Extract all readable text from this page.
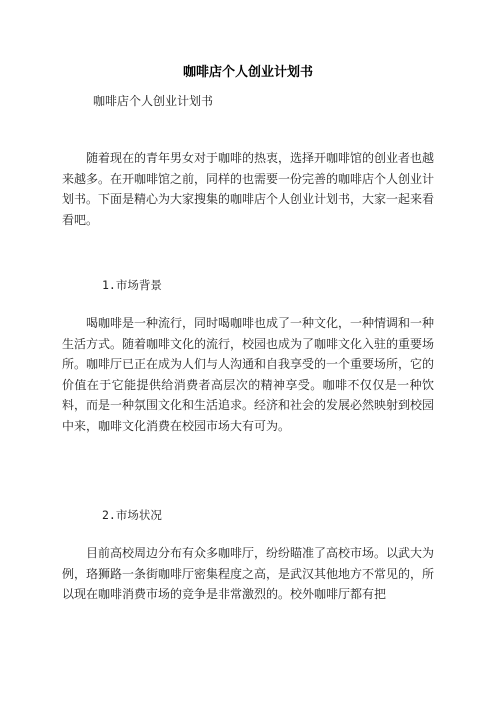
咖啡店个人创业计划书
咖啡店个人创业计划书

随着现在的青年男女对于咖啡的热衷，选择开咖啡馆的创业者也越来越多。在开咖啡馆之前，同样的也需要一份完善的咖啡店个人创业计划书。下面是精心为大家搜集的咖啡店个人创业计划书，大家一起来看看吧。

1.市场背景

喝咖啡是一种流行，同时喝咖啡也成了一种文化，一种情调和一种生活方式。随着咖啡文化的流行，校园也成为了咖啡文化入驻的重要场所。咖啡厅已正在成为人们与人沟通和自我享受的一个重要场所，它的价值在于它能提供给消费者高层次的精神享受。咖啡不仅仅是一种饮料，而是一种氛围文化和生活追求。经济和社会的发展必然映射到校园中来，咖啡文化消费在校园市场大有可为。

2.市场状况

目前高校周边分布有众多咖啡厅，纷纷瞄准了高校市场。以武大为例，珞狮路一条街咖啡厅密集程度之高，是武汉其他地方不常见的，所以现在咖啡消费市场的竞争是非常激烈的。校外咖啡厅都有把
